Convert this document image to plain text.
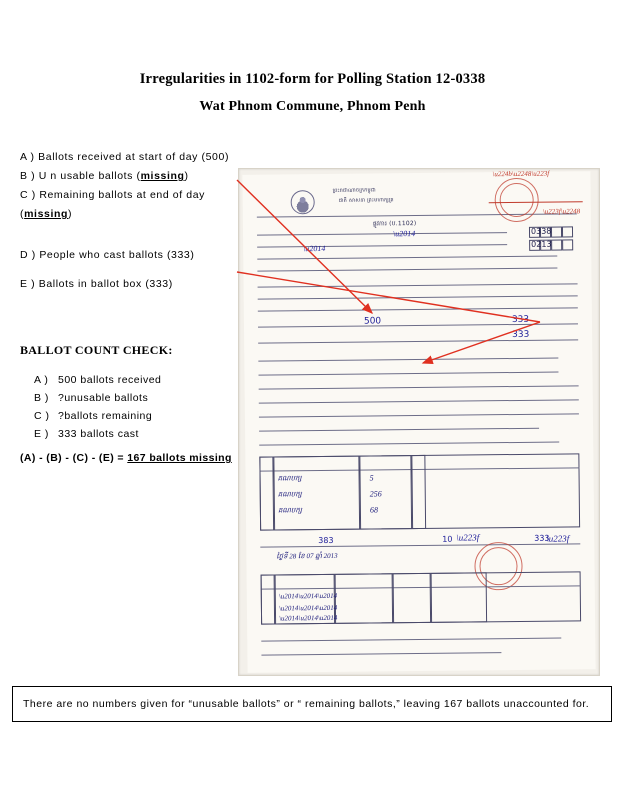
Irregularities in 1102-form for Polling Station 12-0338
Wat Phnom Commune, Phnom Penh
A ) Ballots received at start of day (500)
B ) U n usable ballots (missing)
C ) Remaining ballots at end of day
(missing)
D ) People who cast ballots (333)
E ) Ballots in ballot box (333)
BALLOT COUNT CHECK:
A ) 500 ballots received
B ) ?unusable ballots
C ) ?ballots remaining
E ) 333 ballots cast
(A) - (B) - (C) - (E) = 167 ballots missing
ព្រះរាជាណាចក្រកម្ពុជា
ជាតិ សាសនា ព្រះមហាក្សត្រ
ផ្លូវការ (ប.1102)
0338
0213
\u2014
\u2014
500	333
333
គណបក្ស	5
គណបក្ស	256
គណបក្ស	68
383	10	333
ថ្ងៃទី 28 ខែ 07 ឆ្នាំ 2013
\u223f	\u223f
\u2014\u2014\u2014
\u2014\u2014\u2014
\u2014\u2014\u2014
\u224b\u2248\u223f
\u223f\u2248
There are no numbers given for “unusable ballots” or “ remaining ballots,” leaving 167 ballots unaccounted for.
